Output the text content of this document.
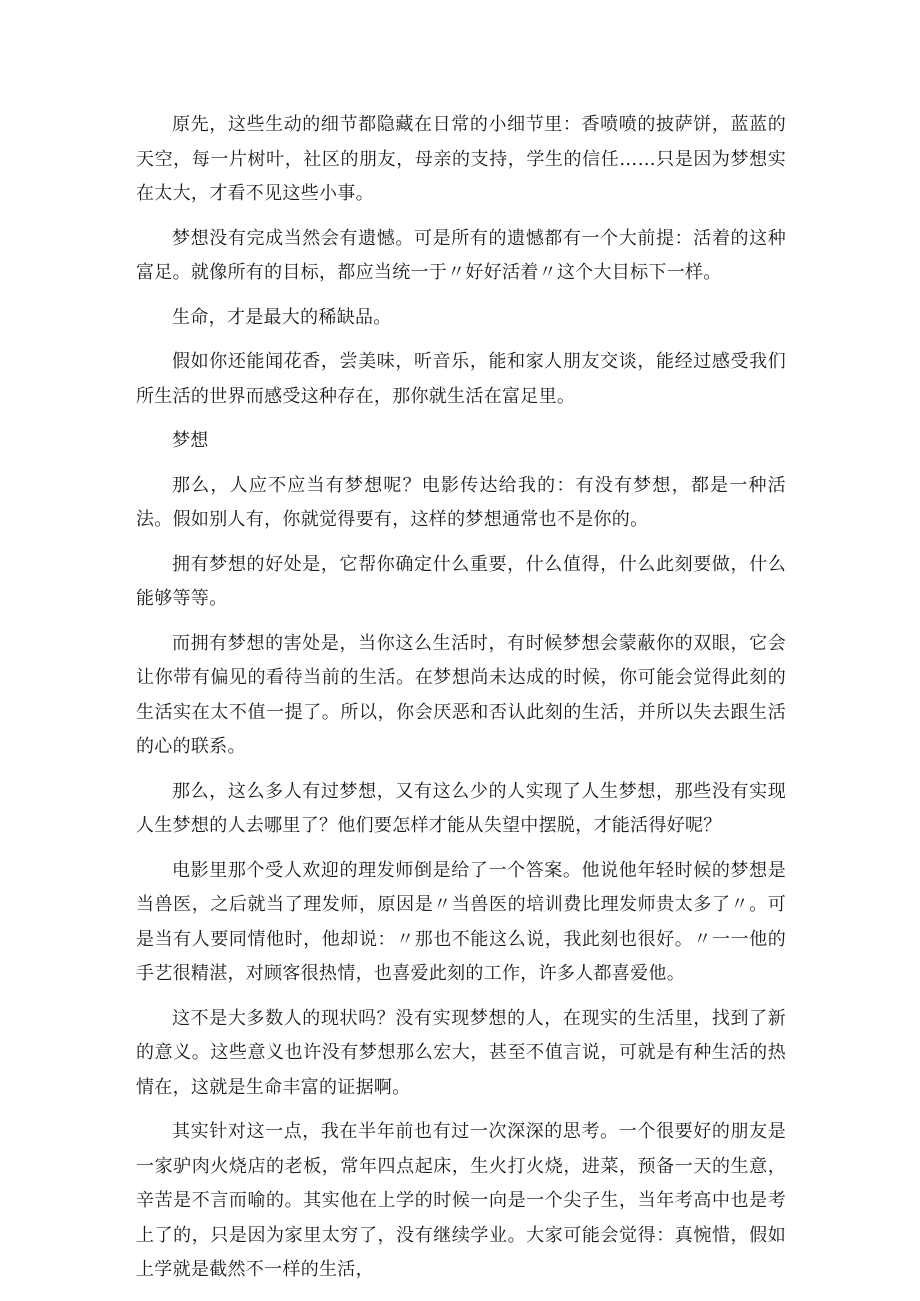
原先，这些生动的细节都隐藏在日常的小细节里：香喷喷的披萨饼，蓝蓝的天空，每一片树叶，社区的朋友，母亲的支持，学生的信任……只是因为梦想实在太大，才看不见这些小事。

梦想没有完成当然会有遗憾。可是所有的遗憾都有一个大前提：活着的这种富足。就像所有的目标，都应当统一于〃好好活着〃这个大目标下一样。

生命，才是最大的稀缺品。

假如你还能闻花香，尝美味，听音乐，能和家人朋友交谈，能经过感受我们所生活的世界而感受这种存在，那你就生活在富足里。

梦想

那么，人应不应当有梦想呢？电影传达给我的：有没有梦想，都是一种活法。假如别人有，你就觉得要有，这样的梦想通常也不是你的。

拥有梦想的好处是，它帮你确定什么重要，什么值得，什么此刻要做，什么能够等等。

而拥有梦想的害处是，当你这么生活时，有时候梦想会蒙蔽你的双眼，它会让你带有偏见的看待当前的生活。在梦想尚未达成的时候，你可能会觉得此刻的生活实在太不值一提了。所以，你会厌恶和否认此刻的生活，并所以失去跟生活的心的联系。

那么，这么多人有过梦想，又有这么少的人实现了人生梦想，那些没有实现人生梦想的人去哪里了？他们要怎样才能从失望中摆脱，才能活得好呢？

电影里那个受人欢迎的理发师倒是给了一个答案。他说他年轻时候的梦想是当兽医，之后就当了理发师，原因是〃当兽医的培训费比理发师贵太多了〃。可是当有人要同情他时，他却说：〃那也不能这么说，我此刻也很好。〃一一他的手艺很精湛，对顾客很热情，也喜爱此刻的工作，许多人都喜爱他。

这不是大多数人的现状吗？没有实现梦想的人，在现实的生活里，找到了新的意义。这些意义也许没有梦想那么宏大，甚至不值言说，可就是有种生活的热情在，这就是生命丰富的证据啊。

其实针对这一点，我在半年前也有过一次深深的思考。一个很要好的朋友是一家驴肉火烧店的老板，常年四点起床，生火打火烧，进菜，预备一天的生意，辛苦是不言而喻的。其实他在上学的时候一向是一个尖子生，当年考高中也是考上了的，只是因为家里太穷了，没有继续学业。大家可能会觉得：真惋惜，假如上学就是截然不一样的生活，
